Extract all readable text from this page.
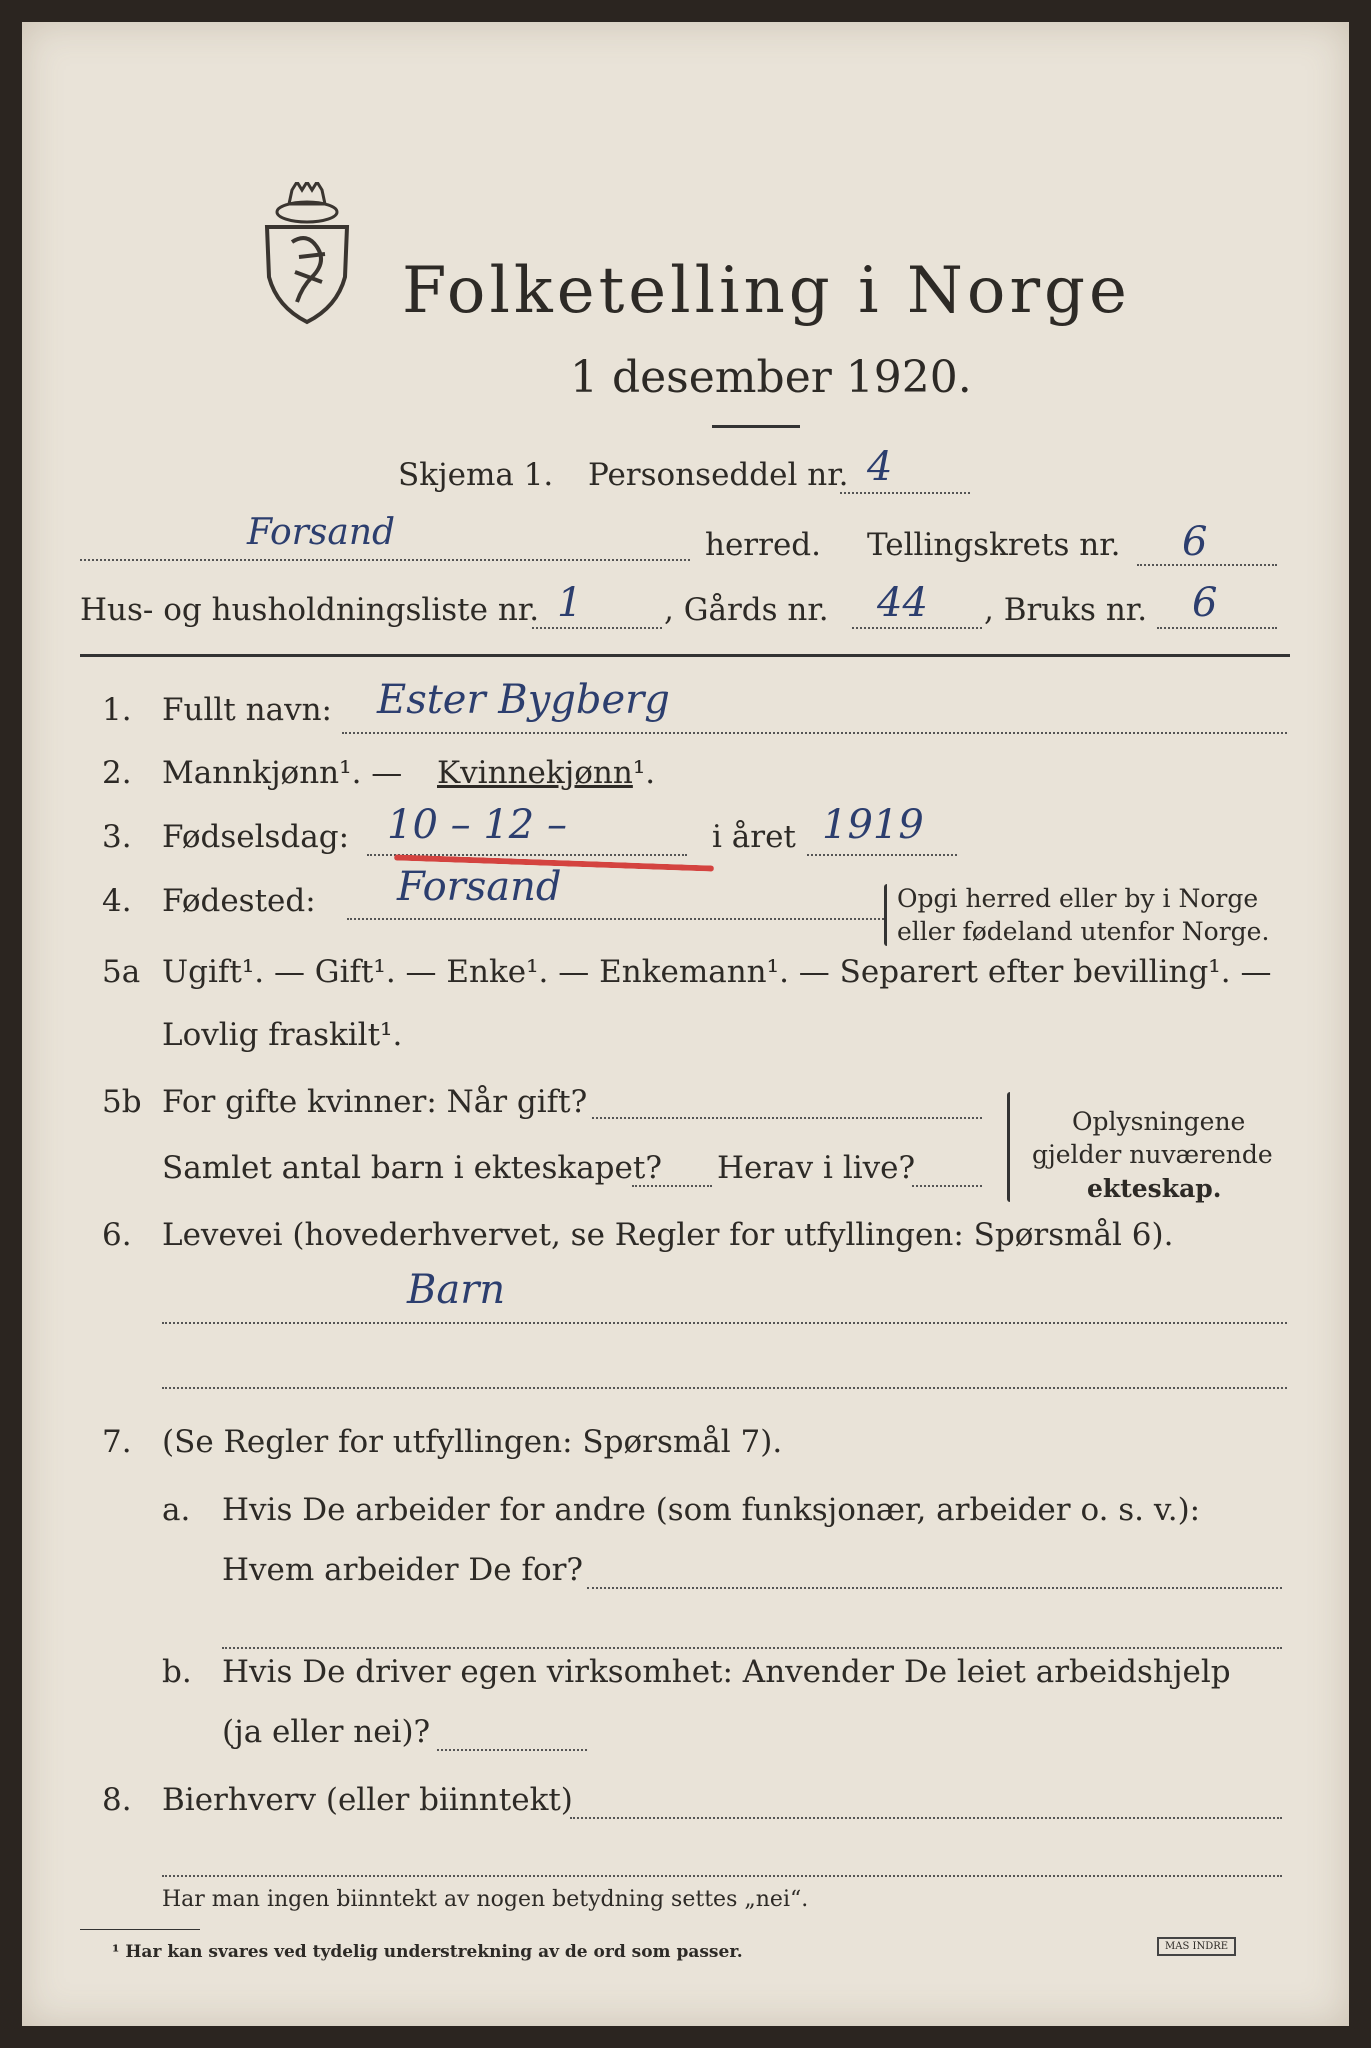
Folketelling i Norge
1 desember 1920.
Skjema 1. Personseddel nr. 4
Forsand	herred. Tellingskrets nr. 6
Hus- og husholdningsliste nr. 1	, Gårds nr. 44 , Bruks nr. 6
1. Fullt navn: Ester Bygberg
2. Mannkjønn¹. — Kvinnekjønn¹.
3. Fødselsdag: 10 – 12 –	i året 1919
4. Fødested: Forsand	Opgi herred eller by i Norge
eller fødeland utenfor Norge.
5a Ugift¹. — Gift¹. — Enke¹. — Enkemann¹. — Separert efter bevilling¹. —
Lovlig fraskilt¹.
5b For gifte kvinner: Når gift?
Samlet antal barn i ekteskapet? Herav i live?
Oplysningene
gjelder nuværende
ekteskap.
6. Levevei (hovederhvervet, se Regler for utfyllingen: Spørsmål 6).
Barn
7. (Se Regler for utfyllingen: Spørsmål 7).
a. Hvis De arbeider for andre (som funksjonær, arbeider o. s. v.):
Hvem arbeider De for?
b. Hvis De driver egen virksomhet: Anvender De leiet arbeidshjelp
(ja eller nei)?
8. Bierhverv (eller biinntekt)
Har man ingen biinntekt av nogen betydning settes „nei“.
¹ Har kan svares ved tydelig understrekning av de ord som passer.	MAS INDRE
